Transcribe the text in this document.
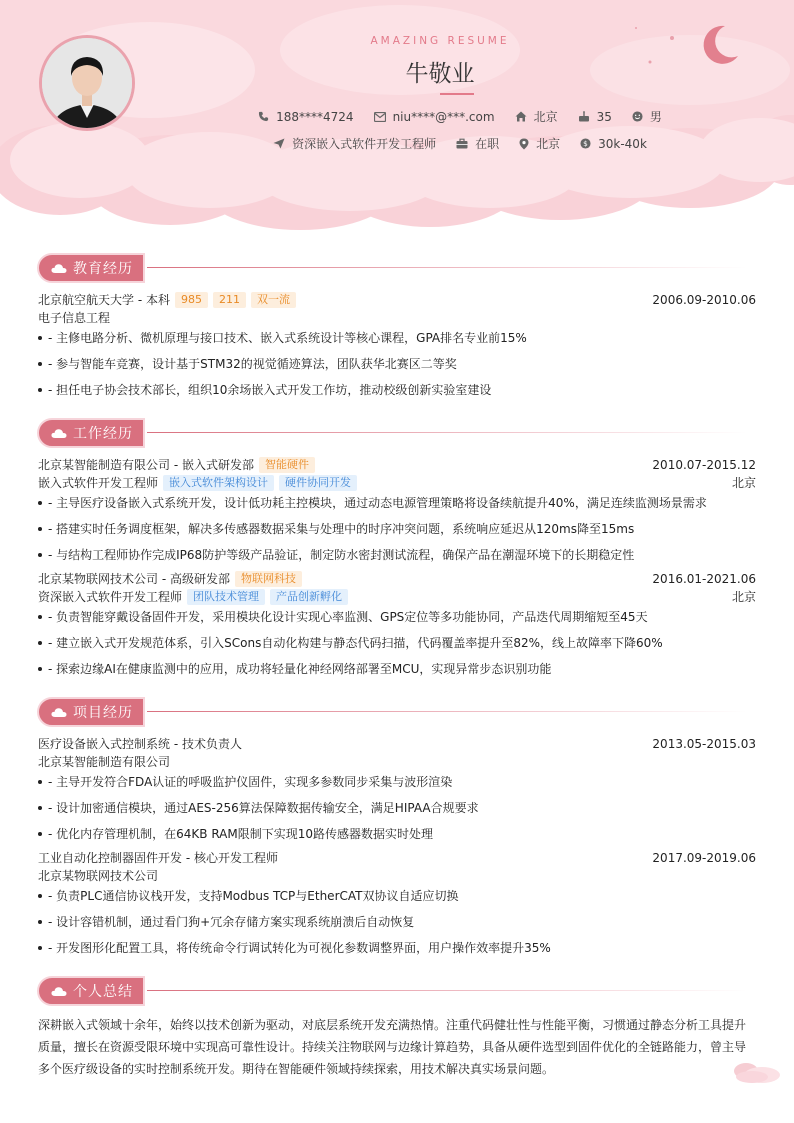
AMAZING RESUME
牛敬业
188****4724	niu****@***.com	北京	35	男
资深嵌入式软件开发工程师	在职	北京	$ 30k-40k
教育经历
北京航空航天大学 - 本科	985	211	双一流	2006.09-2010.06
电子信息工程
- 主修电路分析、微机原理与接口技术、嵌入式系统设计等核心课程，GPA排名专业前15%
- 参与智能车竞赛，设计基于STM32的视觉循迹算法，团队获华北赛区二等奖
- 担任电子协会技术部长，组织10余场嵌入式开发工作坊，推动校级创新实验室建设
工作经历
北京某智能制造有限公司 - 嵌入式研发部	智能硬件	2010.07-2015.12
嵌入式软件开发工程师	嵌入式软件架构设计	硬件协同开发	北京
- 主导医疗设备嵌入式系统开发，设计低功耗主控模块，通过动态电源管理策略将设备续航提升40%，满足连续监测场景需求
- 搭建实时任务调度框架，解决多传感器数据采集与处理中的时序冲突问题，系统响应延迟从120ms降至15ms
- 与结构工程师协作完成IP68防护等级产品验证，制定防水密封测试流程，确保产品在潮湿环境下的长期稳定性
北京某物联网技术公司 - 高级研发部	物联网科技	2016.01-2021.06
资深嵌入式软件开发工程师	团队技术管理	产品创新孵化	北京
- 负责智能穿戴设备固件开发，采用模块化设计实现心率监测、GPS定位等多功能协同，产品迭代周期缩短至45天
- 建立嵌入式开发规范体系，引入SCons自动化构建与静态代码扫描，代码覆盖率提升至82%，线上故障率下降60%
- 探索边缘AI在健康监测中的应用，成功将轻量化神经网络部署至MCU，实现异常步态识别功能
项目经历
医疗设备嵌入式控制系统 - 技术负责人	2013.05-2015.03
北京某智能制造有限公司
- 主导开发符合FDA认证的呼吸监护仪固件，实现多参数同步采集与波形渲染
- 设计加密通信模块，通过AES-256算法保障数据传输安全，满足HIPAA合规要求
- 优化内存管理机制，在64KB RAM限制下实现10路传感器数据实时处理
工业自动化控制器固件开发 - 核心开发工程师	2017.09-2019.06
北京某物联网技术公司
- 负责PLC通信协议栈开发，支持Modbus TCP与EtherCAT双协议自适应切换
- 设计容错机制，通过看门狗+冗余存储方案实现系统崩溃后自动恢复
- 开发图形化配置工具，将传统命令行调试转化为可视化参数调整界面，用户操作效率提升35%
个人总结
深耕嵌入式领域十余年，始终以技术创新为驱动，对底层系统开发充满热情。注重代码健壮性与性能平衡，习惯通过静态分析工具提升质量，擅长在资源受限环境中实现高可靠性设计。持续关注物联网与边缘计算趋势，具备从硬件选型到固件优化的全链路能力，曾主导多个医疗级设备的实时控制系统开发。期待在智能硬件领域持续探索，用技术解决真实场景问题。
